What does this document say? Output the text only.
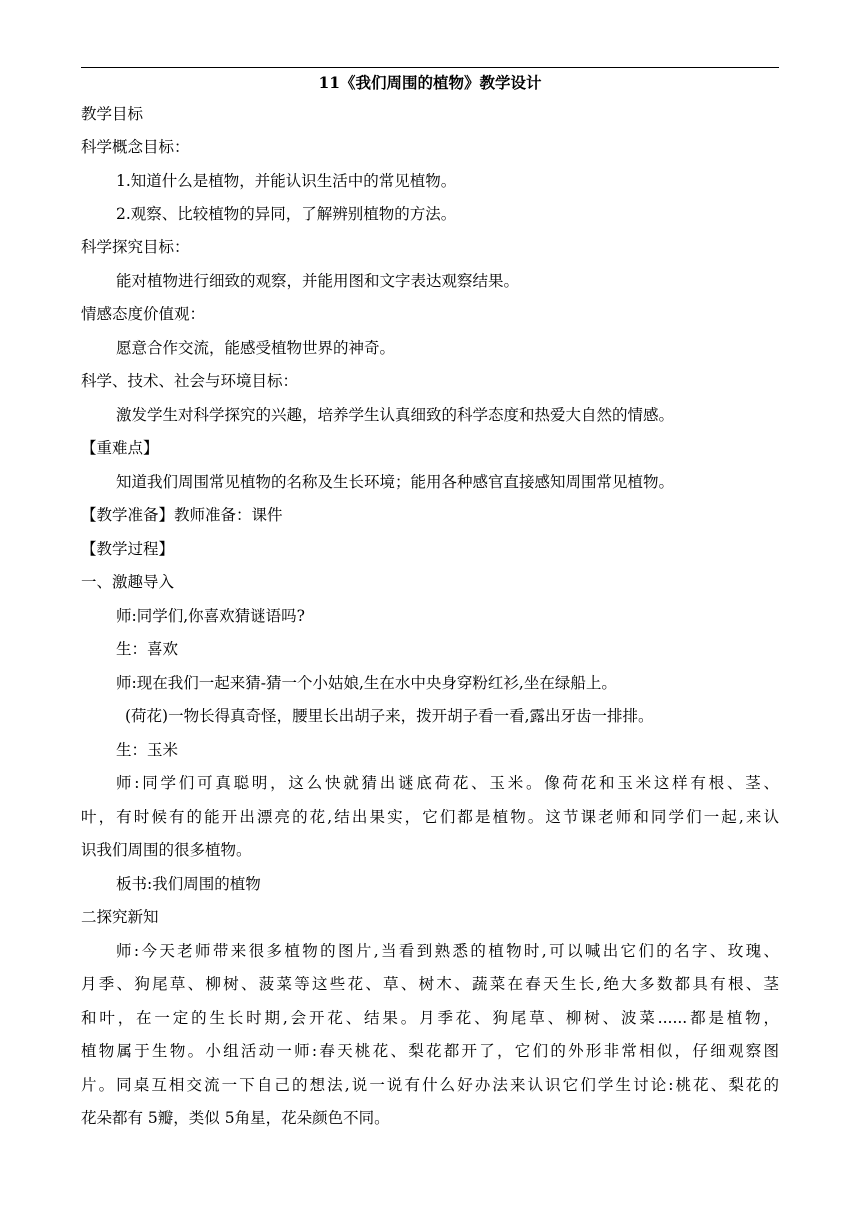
11《我们周围的植物》教学设计
教学目标
科学概念目标：
1.知道什么是植物，并能认识生活中的常见植物。
2.观察、比较植物的异同，了解辨别植物的方法。
科学探究目标：
能对植物进行细致的观察，并能用图和文字表达观察结果。
情感态度价值观：
愿意合作交流，能感受植物世界的神奇。
科学、技术、社会与环境目标：
激发学生对科学探究的兴趣，培养学生认真细致的科学态度和热爱大自然的情感。
【重难点】
知道我们周围常见植物的名称及生长环境；能用各种感官直接感知周围常见植物。
【教学准备】教师准备：课件
【教学过程】
一、激趣导入
师:同学们,你喜欢猜谜语吗?
生：喜欢
师:现在我们一起来猜-猜一个小姑娘,生在水中央身穿粉红衫,坐在绿船上。
(荷花)一物长得真奇怪，腰里长出胡子来，拨开胡子看一看,露出牙齿一排排。
生：玉米
师:同学们可真聪明，这么快就猜出谜底荷花、玉米。像荷花和玉米这样有根、茎、
叶，有时候有的能开出漂亮的花,结出果实，它们都是植物。这节课老师和同学们一起,来认
识我们周围的很多植物。
板书:我们周围的植物
二探究新知
师:今天老师带来很多植物的图片,当看到熟悉的植物时,可以喊出它们的名字、玫瑰、
月季、狗尾草、柳树、菠菜等这些花、草、树木、蔬菜在春天生长,绝大多数都具有根、茎
和叶，在一定的生长时期,会开花、结果。月季花、狗尾草、柳树、波菜......都是植物，
植物属于生物。小组活动一师:春天桃花、梨花都开了，它们的外形非常相似，仔细观察图
片。同桌互相交流一下自己的想法,说一说有什么好办法来认识它们学生讨论:桃花、梨花的
花朵都有 5瓣，类似 5角星，花朵颜色不同。
